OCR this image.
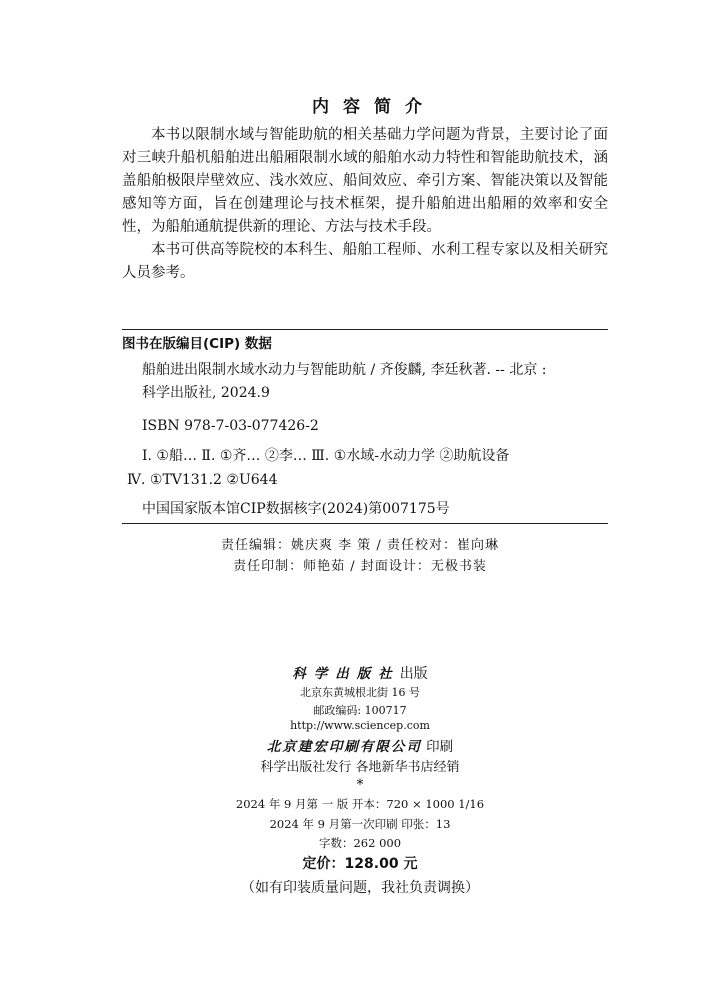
内容简介

本书以限制水域与智能助航的相关基础力学问题为背景，主要讨论了面对三峡升船机船舶进出船厢限制水域的船舶水动力特性和智能助航技术，涵盖船舶极限岸壁效应、浅水效应、船间效应、牵引方案、智能决策以及智能感知等方面，旨在创建理论与技术框架，提升船舶进出船厢的效率和安全性，为船舶通航提供新的理论、方法与技术手段。

本书可供高等院校的本科生、船舶工程师、水利工程专家以及相关研究人员参考。

图书在版编目(CIP) 数据
船舶进出限制水域水动力与智能助航 / 齐俊麟, 李廷秋著. -- 北京 :
科学出版社, 2024.9
ISBN 978-7-03-077426-2
Ⅰ. ①船… Ⅱ. ①齐… ②李… Ⅲ. ①水域-水动力学 ②助航设备
Ⅳ. ①TV131.2 ②U644
中国国家版本馆CIP数据核字(2024)第007175号
责任编辑：姚庆爽 李 策 / 责任校对：崔向琳
责任印制：师艳茹 / 封面设计：无极书装
科学出版社出版
北京东黄城根北街 16 号
邮政编码: 100717
http://www.sciencep.com
北京建宏印刷有限公司 印刷
科学出版社发行 各地新华书店经销
*
2024 年 9 月第 一 版 开本：720 × 1000 1/16
2024 年 9 月第一次印刷 印张：13
字数：262 000
定价：128.00 元
（如有印装质量问题，我社负责调换）
